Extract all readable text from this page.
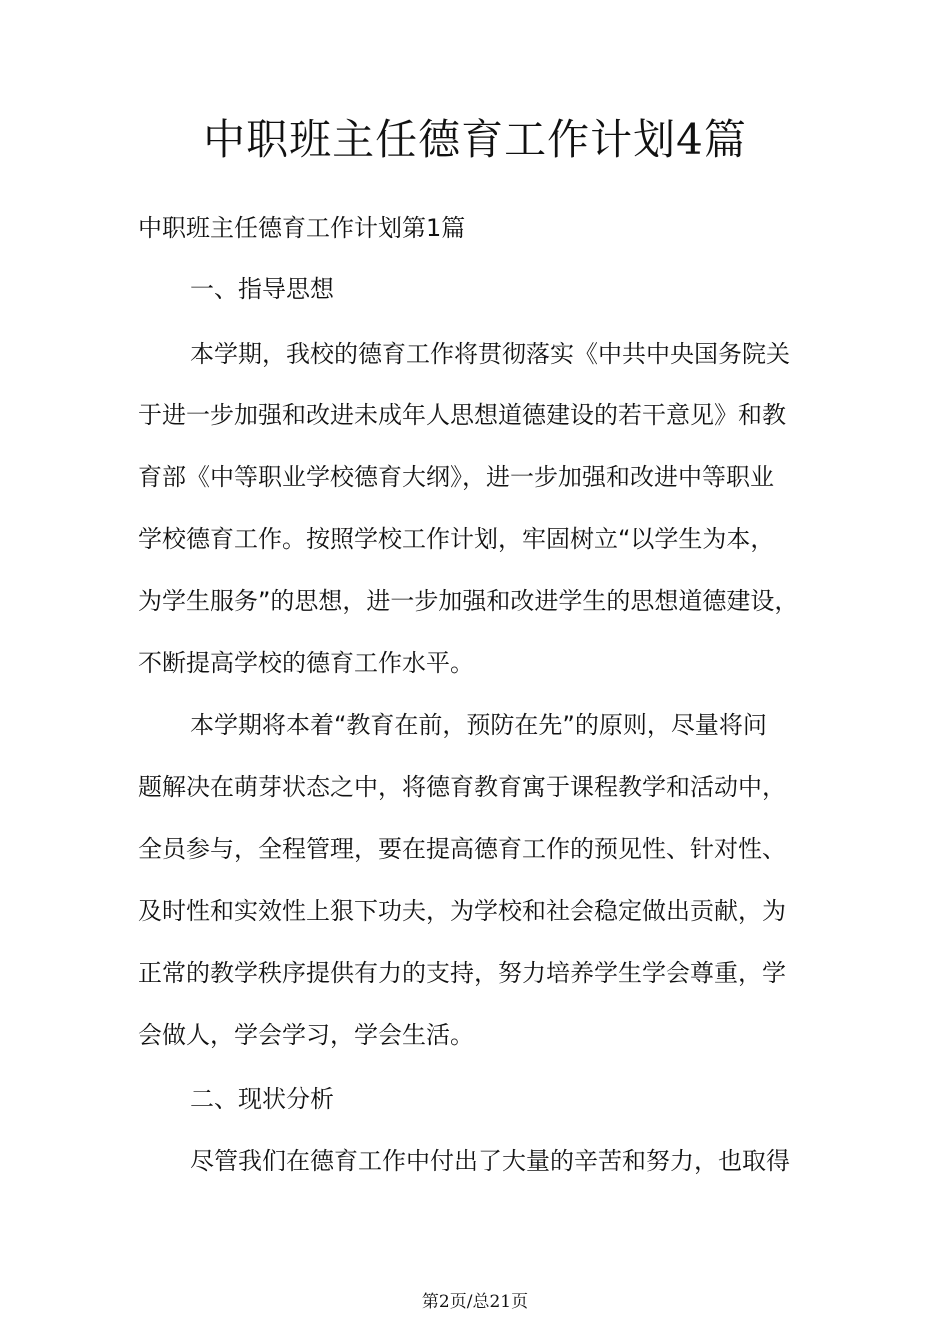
中职班主任德育工作计划4篇

中职班主任德育工作计划第1篇

一、指导思想

本学期，我校的德育工作将贯彻落实《中共中央国务院关

于进一步加强和改进未成年人思想道德建设的若干意见》和教

育部《中等职业学校德育大纲》，进一步加强和改进中等职业

学校德育工作。按照学校工作计划，牢固树立“以学生为本，

为学生服务”的思想，进一步加强和改进学生的思想道德建设，

不断提高学校的德育工作水平。

本学期将本着“教育在前，预防在先”的原则，尽量将问

题解决在萌芽状态之中，将德育教育寓于课程教学和活动中，

全员参与，全程管理，要在提高德育工作的预见性、针对性、

及时性和实效性上狠下功夫，为学校和社会稳定做出贡献，为

正常的教学秩序提供有力的支持，努力培养学生学会尊重，学

会做人，学会学习，学会生活。

二、现状分析

尽管我们在德育工作中付出了大量的辛苦和努力，也取得

第2页/总21页
